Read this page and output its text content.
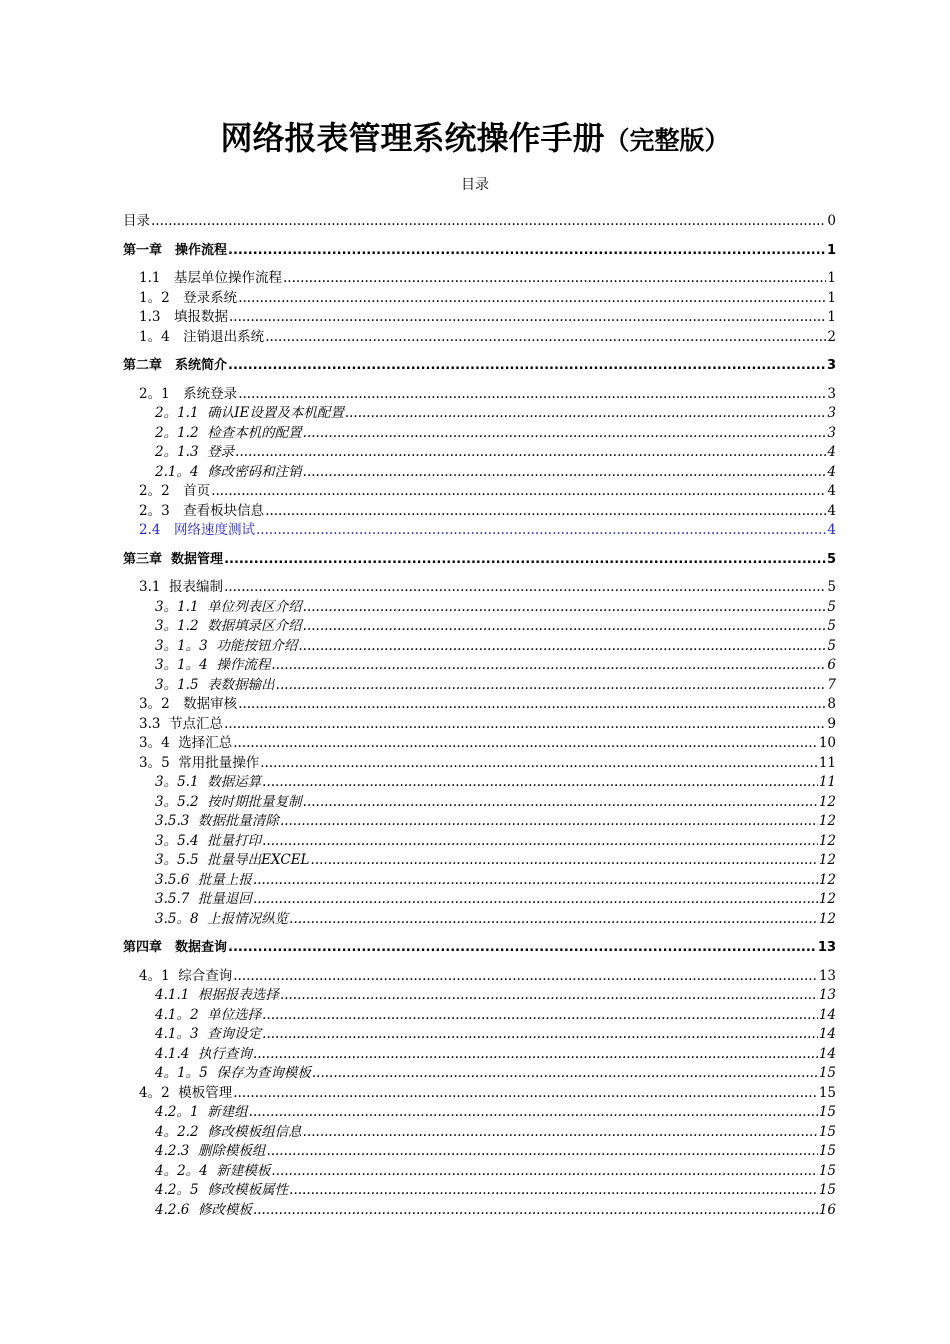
网络报表管理系统操作手册（完整版）
目录
目录 .....	0
第一章　操作流程 .....	1
1.1　基层单位操作流程 .....	1
1。2　登录系统 .....	1
1.3　填报数据 .....	1
1。4　注销退出系统 .....	2
第二章　系统简介 .....	3
2。1　系统登录 .....	3
2。1.1  确认IE设置及本机配置 .....	3
2。1.2  检查本机的配置 .....	3
2。1.3  登录 .....	4
2.1。4  修改密码和注销 .....	4
2。2　首页 .....	4
2。3　查看板块信息 .....	4
2.4　网络速度测试 .....	4
第三章  数据管理 .....	5
3.1  报表编制 .....	5
3。1.1  单位列表区介绍 .....	5
3。1.2  数据填录区介绍 .....	5
3。1。3  功能按钮介绍 .....	5
3。1。4  操作流程 .....	6
3。1.5  表数据输出 .....	7
3。2　数据审核 .....	8
3.3  节点汇总 .....	9
3。4  选择汇总 .....	10
3。5  常用批量操作 .....	11
3。5.1  数据运算 .....	11
3。5.2  按时期批量复制 .....	12
3.5.3  数据批量清除 .....	12
3。5.4  批量打印 .....	12
3。5.5  批量导出EXCEL .....	12
3.5.6  批量上报 .....	12
3.5.7  批量退回 .....	12
3.5。8  上报情况纵览 .....	12
第四章　数据查询 .....	13
4。1  综合查询 .....	13
4.1.1  根据报表选择 .....	13
4.1。2  单位选择 .....	14
4.1。3  查询设定 .....	14
4.1.4  执行查询 .....	14
4。1。5  保存为查询模板 .....	15
4。2  模板管理 .....	15
4.2。1  新建组 .....	15
4。2.2  修改模板组信息 .....	15
4.2.3  删除模板组 .....	15
4。2。4  新建模板 .....	15
4.2。5  修改模板属性 .....	15
4.2.6  修改模板 .....	16
